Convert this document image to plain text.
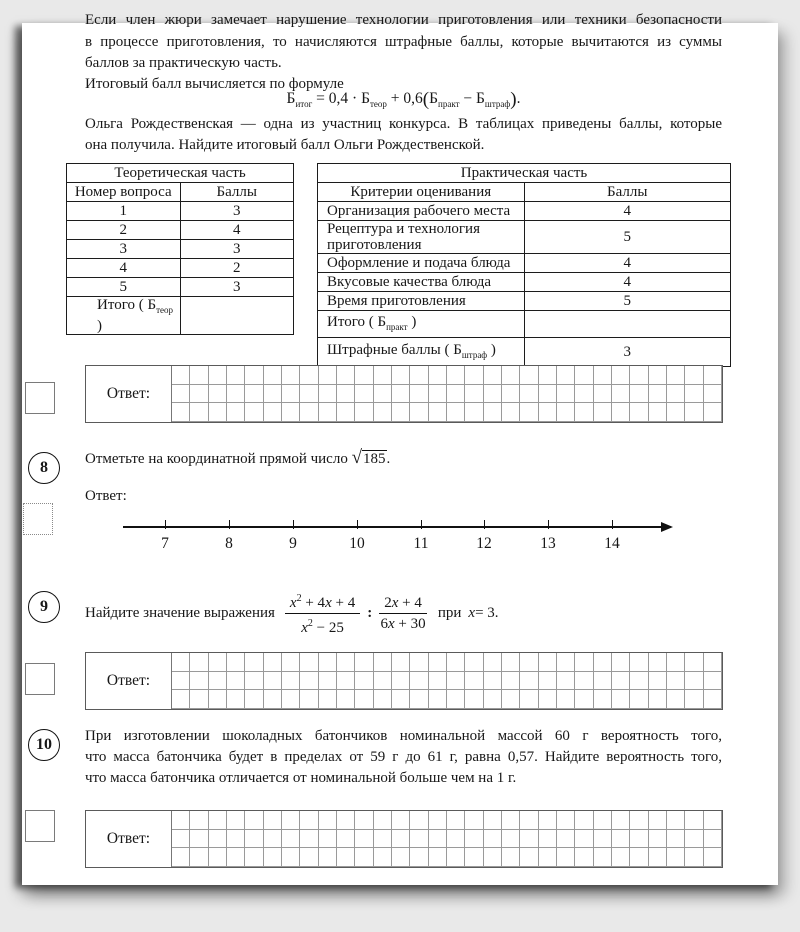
Если член жюри замечает нарушение технологии приготовления или техники безопасности
в процессе приготовления, то начисляются штрафные баллы, которые вычитаются из суммы
баллов за практическую часть.
Итоговый балл вычисляется по формуле
$Б_{итог} = 0,4 \cdot Б_{теор} + 0,6(Б_{практ} - Б_{штраф})$.
Ольга Рождественская — одна из участниц конкурса. В таблицах приведены баллы, которые
она получила. Найдите итоговый балл Ольги Рождественской.
Теоретическая часть	
Номер вопроса	Баллы
1	3
2	4
3	3
4	2
5	3
Итого ( $Б_{теор}$ )	
Практическая часть	
Критерии оценивания	Баллы
Организация рабочего места	4
Рецептура и технология приготовления	5
Оформление и подача блюда	4
Вкусовые качества блюда	4
Время приготовления	5
Итого ( $Б_{практ}$ )	
Штрафные баллы ( $Б_{штраф}$ )	3
Ответ:
8	Отметьте на координатной прямой число √185.
Ответ:
7	8	9	10	11	12	13	14
9	Найдите значение выражения $\frac{x^2 + 4x + 4}{x^2 - 25}$ : $\frac{2x + 4}{6x + 30}$ при x = 3.
Ответ:
10	При изготовлении шоколадных батончиков номинальной массой 60 г вероятность того,
что масса батончика будет в пределах от 59 г до 61 г, равна 0,57. Найдите вероятность того,
что масса батончика отличается от номинальной больше чем на 1 г.
Ответ:
